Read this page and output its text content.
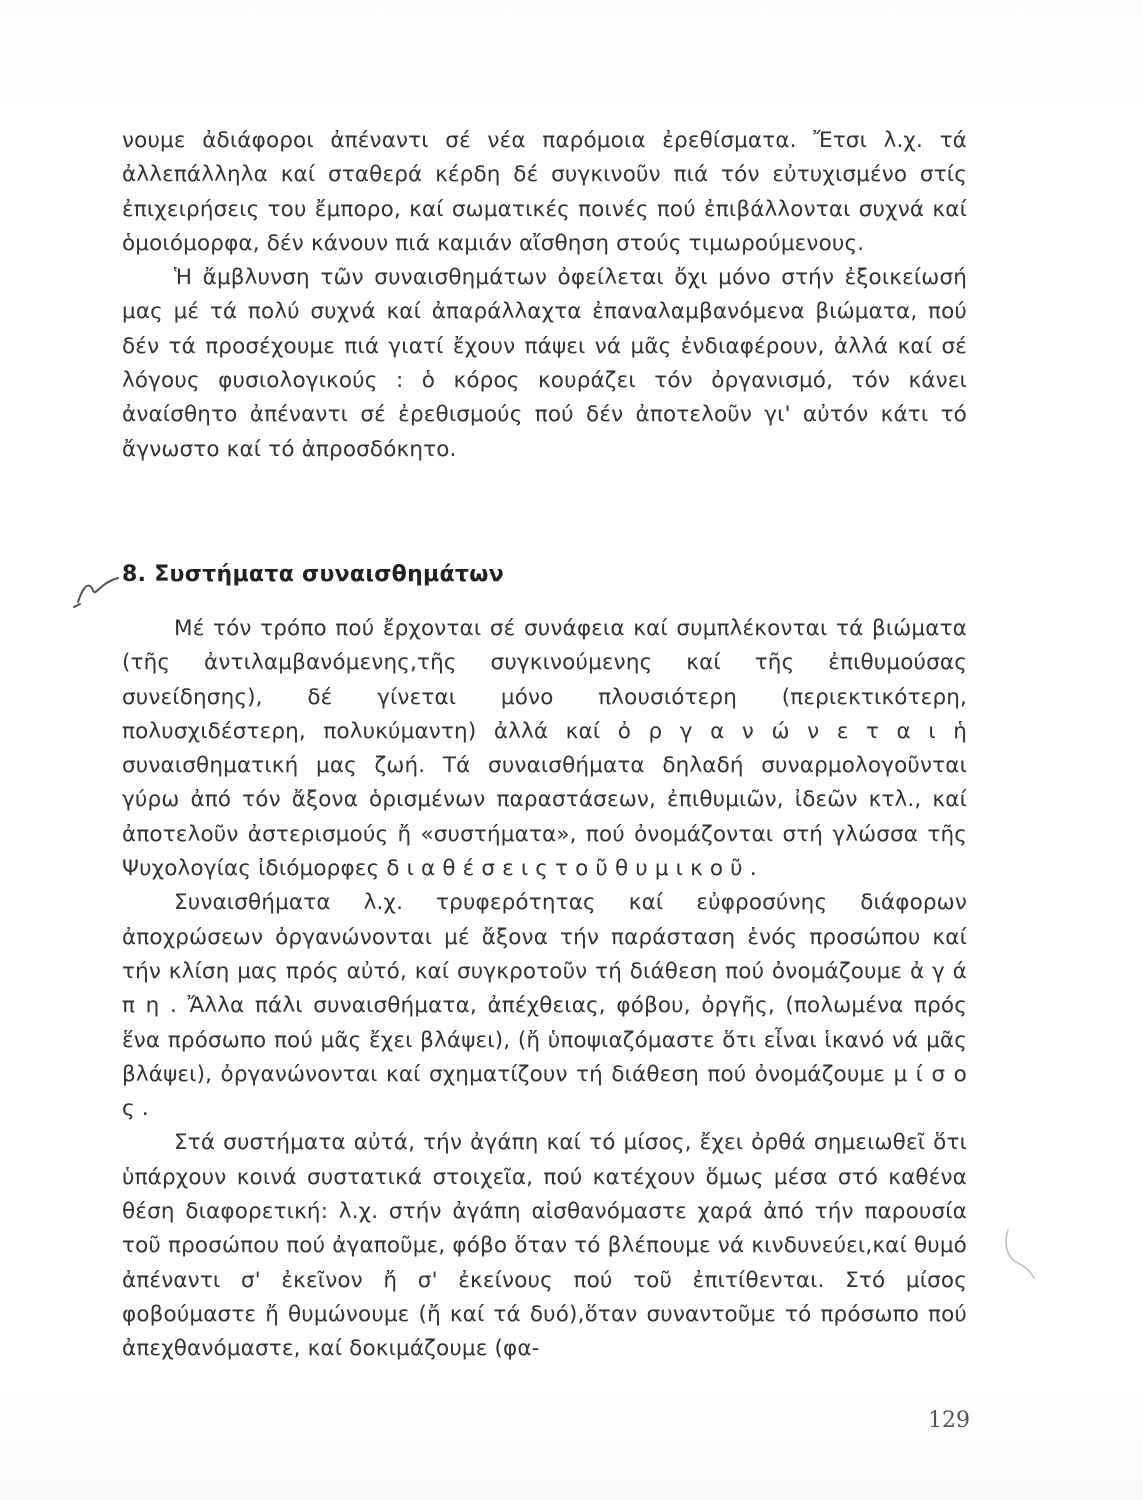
νουμε ἀδιάφοροι ἀπέναντι σέ νέα παρόμοια ἐρεθίσματα. Ἔτσι λ.χ. τά ἀλλεπάλληλα καί σταθερά κέρδη δέ συγκινοῦν πιά τόν εὐτυχισμένο στίς ἐπιχειρήσεις του ἔμπορο, καί σωματικές ποινές πού ἐπιβάλλονται συχνά καί ὁμοιόμορφα, δέν κάνουν πιά καμιάν αἴσθηση στούς τιμωρούμενους.

Ἡ ἄμβλυνση τῶν συναισθημάτων ὀφείλεται ὄχι μόνο στήν ἐξοικείωσή μας μέ τά πολύ συχνά καί ἀπαράλλαχτα ἐπαναλαμβανόμενα βιώματα, πού δέν τά προσέχουμε πιά γιατί ἔχουν πάψει νά μᾶς ἐνδιαφέρουν, ἀλλά καί σέ λόγους φυσιολογικούς : ὁ κόρος κουράζει τόν ὀργανισμό, τόν κάνει ἀναίσθητο ἀπέναντι σέ ἐρεθισμούς πού δέν ἀποτελοῦν γι' αὐτόν κάτι τό ἄγνωστο καί τό ἀπροσδόκητο.

8. Συστήματα συναισθημάτων

Μέ τόν τρόπο πού ἔρχονται σέ συνάφεια καί συμπλέκονται τά βιώματα (τῆς ἀντιλαμβανόμενης,τῆς συγκινούμενης καί τῆς ἐπιθυμούσας συνείδησης), δέ γίνεται μόνο πλουσιότερη (περιεκτικότερη, πολυσχιδέστερη, πολυκύμαντη) ἀλλά καί ὀ ρ γ α ν ώ ν ε τ α ι ἡ συναισθηματική μας ζωή. Τά συναισθήματα δηλαδή συναρμολογοῦνται γύρω ἀπό τόν ἄξονα ὁρισμένων παραστάσεων, ἐπιθυμιῶν, ἰδεῶν κτλ., καί ἀποτελοῦν ἀστερισμούς ἤ «συστήματα», πού ὀνομάζονται στή γλώσσα τῆς Ψυχολογίας ἰδιόμορφες δ ι α θ έ σ ε ι ς τ ο ῦ θ υ μ ι κ ο ῦ .

Συναισθήματα λ.χ. τρυφερότητας καί εὐφροσύνης διάφορων ἀποχρώσεων ὀργανώνονται μέ ἄξονα τήν παράσταση ἑνός προσώπου καί τήν κλίση μας πρός αὐτό, καί συγκροτοῦν τή διάθεση πού ὀνομάζουμε ἀ γ ά π η . Ἄλλα πάλι συναισθήματα, ἀπέχθειας, φόβου, ὀργῆς, (πολωμένα πρός ἕνα πρόσωπο πού μᾶς ἔχει βλάψει), (ἤ ὑποψιαζόμαστε ὅτι εἶναι ἱκανό νά μᾶς βλάψει), ὀργανώνονται καί σχηματίζουν τή διάθεση πού ὀνομάζουμε μ ί σ ο ς .

Στά συστήματα αὐτά, τήν ἀγάπη καί τό μίσος, ἔχει ὀρθά σημειωθεῖ ὅτι ὑπάρχουν κοινά συστατικά στοιχεῖα, πού κατέχουν ὅμως μέσα στό καθένα θέση διαφορετική: λ.χ. στήν ἀγάπη αἰσθανόμαστε χαρά ἀπό τήν παρουσία τοῦ προσώπου πού ἀγαποῦμε, φόβο ὅταν τό βλέπουμε νά κινδυνεύει,καί θυμό ἀπέναντι σ' ἐκεῖνον ἤ σ' ἐκείνους πού τοῦ ἐπιτίθενται. Στό μίσος φοβούμαστε ἤ θυμώνουμε (ἤ καί τά δυό),ὅταν συναντοῦμε τό πρόσωπο πού ἀπεχθανόμαστε, καί δοκιμάζουμε (φα-

129
